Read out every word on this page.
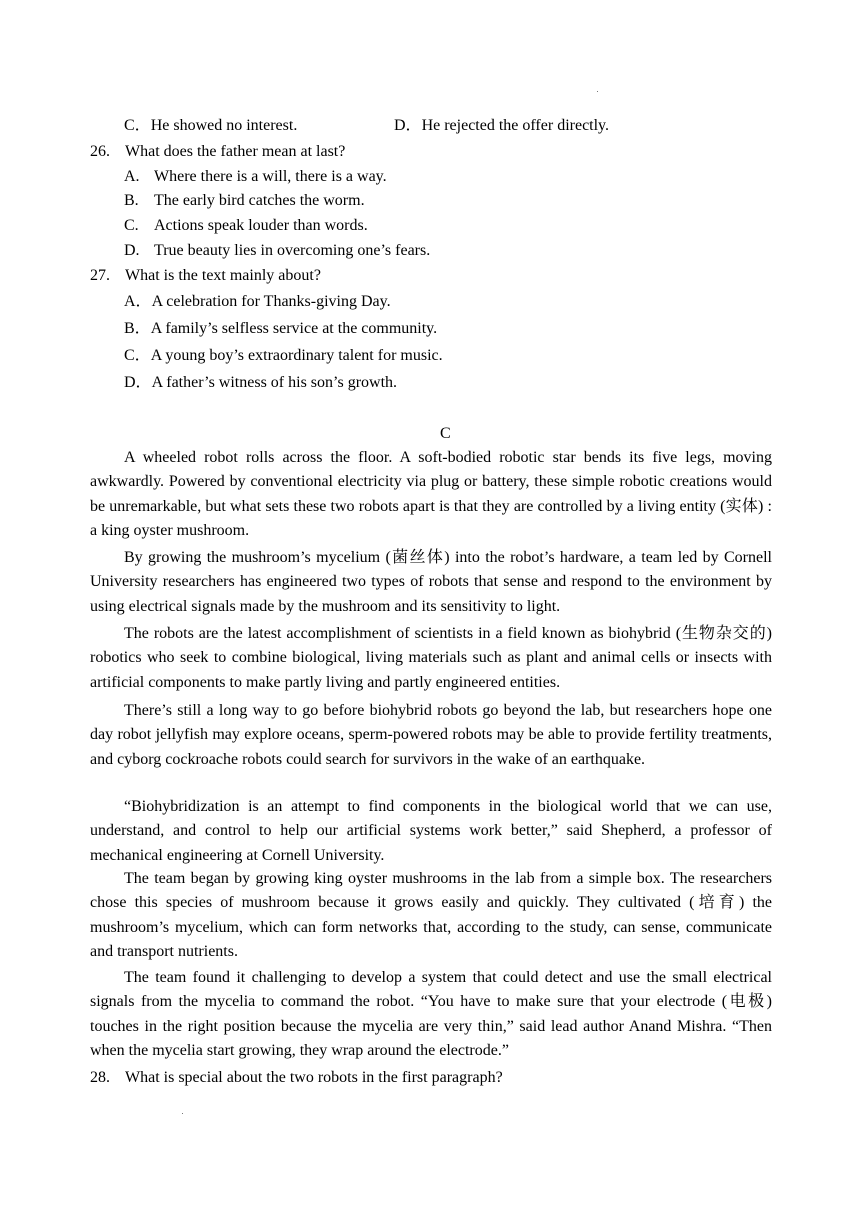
C．He showed no interest.	D．He rejected the offer directly.
26. What does the father mean at last?
A. Where there is a will, there is a way.
B. The early bird catches the worm.
C. Actions speak louder than words.
D. True beauty lies in overcoming one’s fears.
27. What is the text mainly about?
A．A celebration for Thanks-giving Day.
B．A family’s selfless service at the community.
C．A young boy’s extraordinary talent for music.
D．A father’s witness of his son’s growth.
C
A wheeled robot rolls across the floor. A soft-bodied robotic star bends its five legs, moving awkwardly. Powered by conventional electricity via plug or battery, these simple robotic creations would be unremarkable, but what sets these two robots apart is that they are controlled by a living entity (实体) : a king oyster mushroom.
By growing the mushroom’s mycelium (菌丝体) into the robot’s hardware, a team led by Cornell University researchers has engineered two types of robots that sense and respond to the environment by using electrical signals made by the mushroom and its sensitivity to light.
The robots are the latest accomplishment of scientists in a field known as biohybrid (生物杂交的) robotics who seek to combine biological, living materials such as plant and animal cells or insects with artificial components to make partly living and partly engineered entities.
There’s still a long way to go before biohybrid robots go beyond the lab, but researchers hope one day robot jellyfish may explore oceans, sperm-powered robots may be able to provide fertility treatments, and cyborg cockroache robots could search for survivors in the wake of an earthquake.
“Biohybridization is an attempt to find components in the biological world that we can use, understand, and control to help our artificial systems work better,” said Shepherd, a professor of mechanical engineering at Cornell University.
The team began by growing king oyster mushrooms in the lab from a simple box. The researchers chose this species of mushroom because it grows easily and quickly. They cultivated (培育) the mushroom’s mycelium, which can form networks that, according to the study, can sense, communicate and transport nutrients.
The team found it challenging to develop a system that could detect and use the small electrical signals from the mycelia to command the robot. “You have to make sure that your electrode (电极) touches in the right position because the mycelia are very thin,” said lead author Anand Mishra. “Then when the mycelia start growing, they wrap around the electrode.”
28. What is special about the two robots in the first paragraph?
